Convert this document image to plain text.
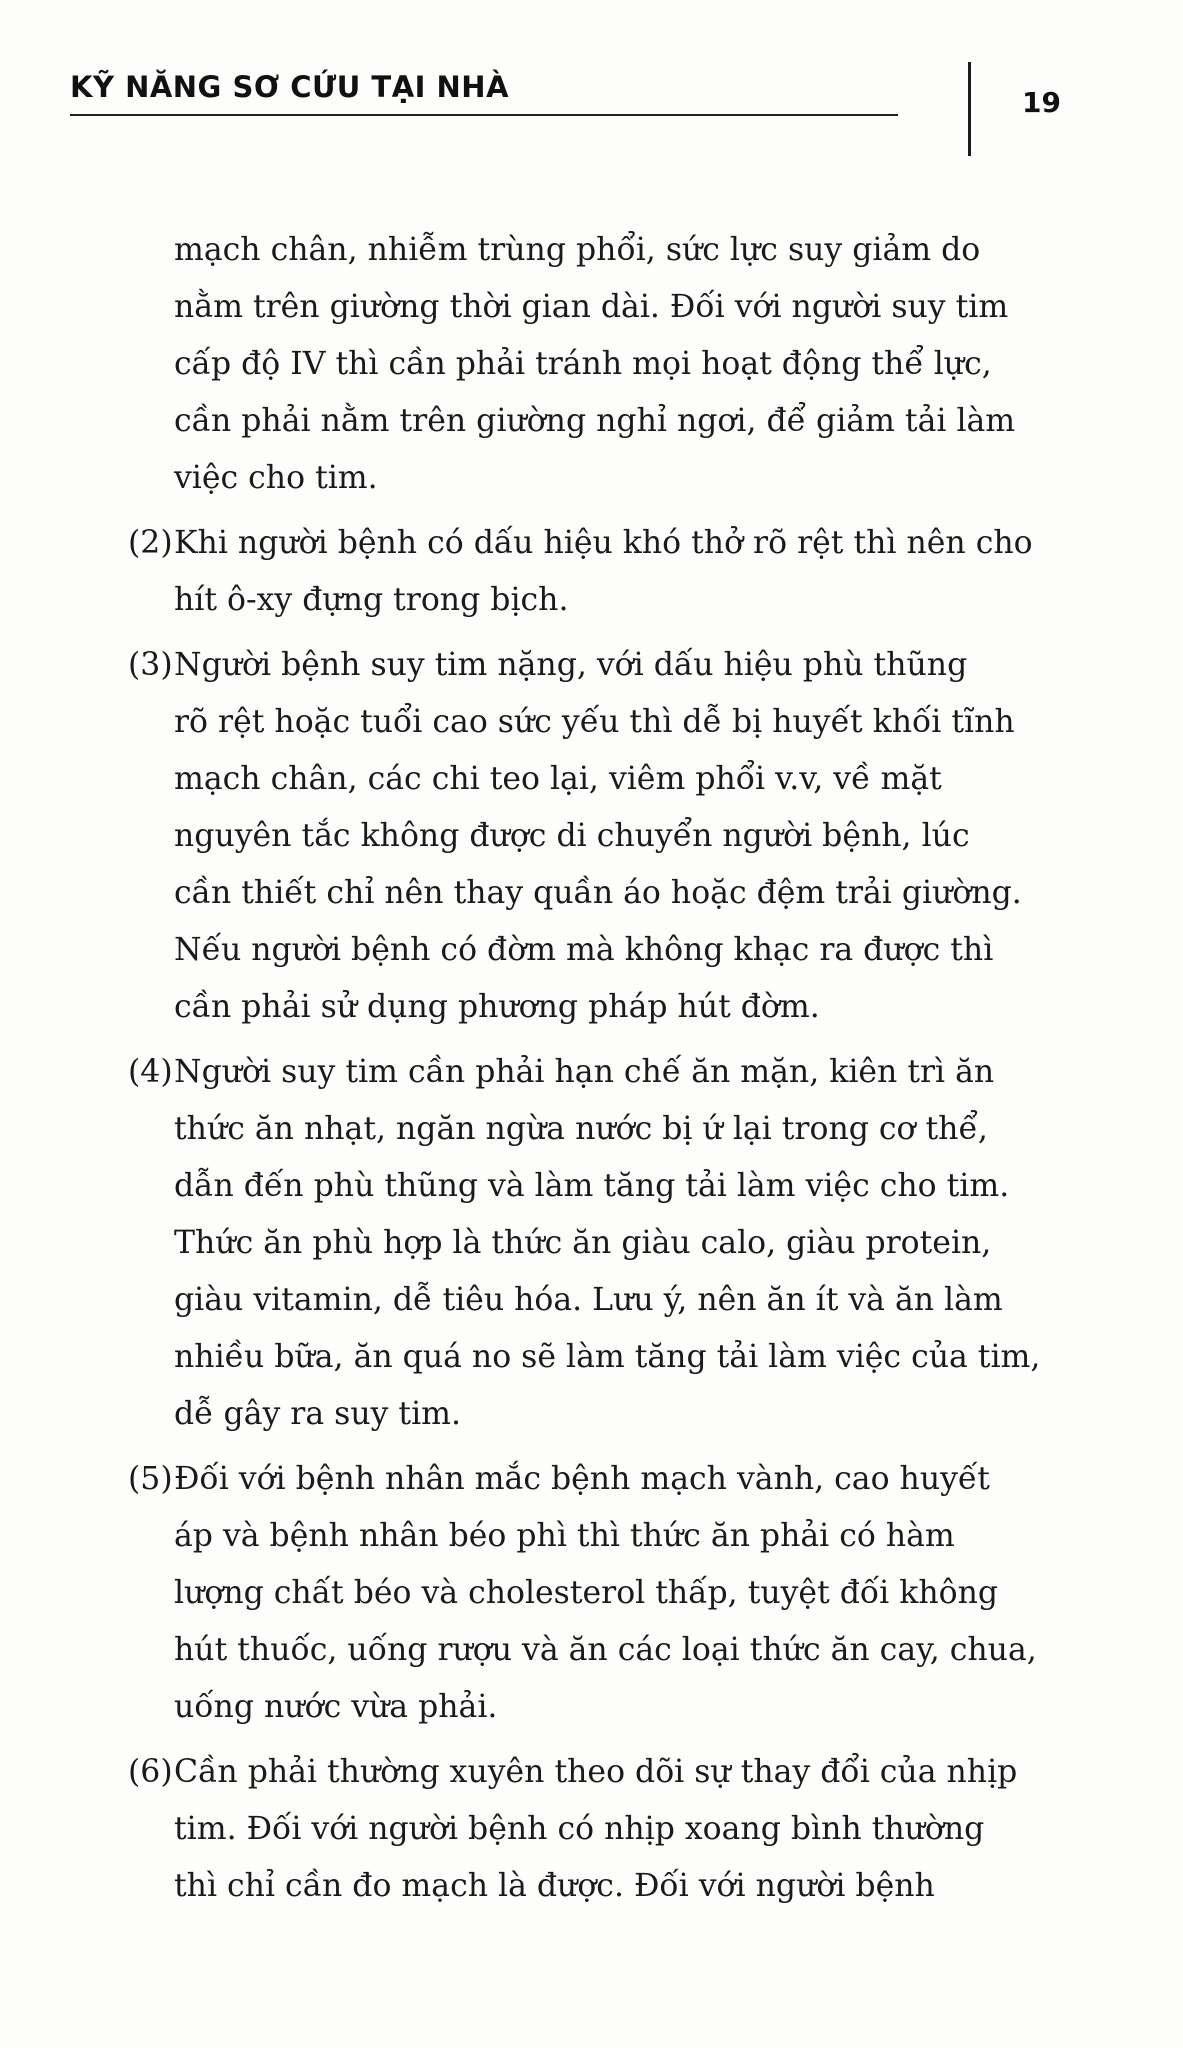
KỸ NĂNG SƠ CỨU TẠI NHÀ	19

mạch chân, nhiễm trùng phổi, sức lực suy giảm do
nằm trên giường thời gian dài. Đối với người suy tim
cấp độ IV thì cần phải tránh mọi hoạt động thể lực,
cần phải nằm trên giường nghỉ ngơi, để giảm tải làm
việc cho tim.

(2) Khi người bệnh có dấu hiệu khó thở rõ rệt thì nên cho
hít ô-xy đựng trong bịch.

(3) Người bệnh suy tim nặng, với dấu hiệu phù thũng
rõ rệt hoặc tuổi cao sức yếu thì dễ bị huyết khối tĩnh
mạch chân, các chi teo lại, viêm phổi v.v, về mặt
nguyên tắc không được di chuyển người bệnh, lúc
cần thiết chỉ nên thay quần áo hoặc đệm trải giường.
Nếu người bệnh có đờm mà không khạc ra được thì
cần phải sử dụng phương pháp hút đờm.

(4) Người suy tim cần phải hạn chế ăn mặn, kiên trì ăn
thức ăn nhạt, ngăn ngừa nước bị ứ lại trong cơ thể,
dẫn đến phù thũng và làm tăng tải làm việc cho tim.
Thức ăn phù hợp là thức ăn giàu calo, giàu protein,
giàu vitamin, dễ tiêu hóa. Lưu ý, nên ăn ít và ăn làm
nhiều bữa, ăn quá no sẽ làm tăng tải làm việc của tim,
dễ gây ra suy tim.

(5) Đối với bệnh nhân mắc bệnh mạch vành, cao huyết
áp và bệnh nhân béo phì thì thức ăn phải có hàm
lượng chất béo và cholesterol thấp, tuyệt đối không
hút thuốc, uống rượu và ăn các loại thức ăn cay, chua,
uống nước vừa phải.

(6) Cần phải thường xuyên theo dõi sự thay đổi của nhịp
tim. Đối với người bệnh có nhịp xoang bình thường
thì chỉ cần đo mạch là được. Đối với người bệnh
